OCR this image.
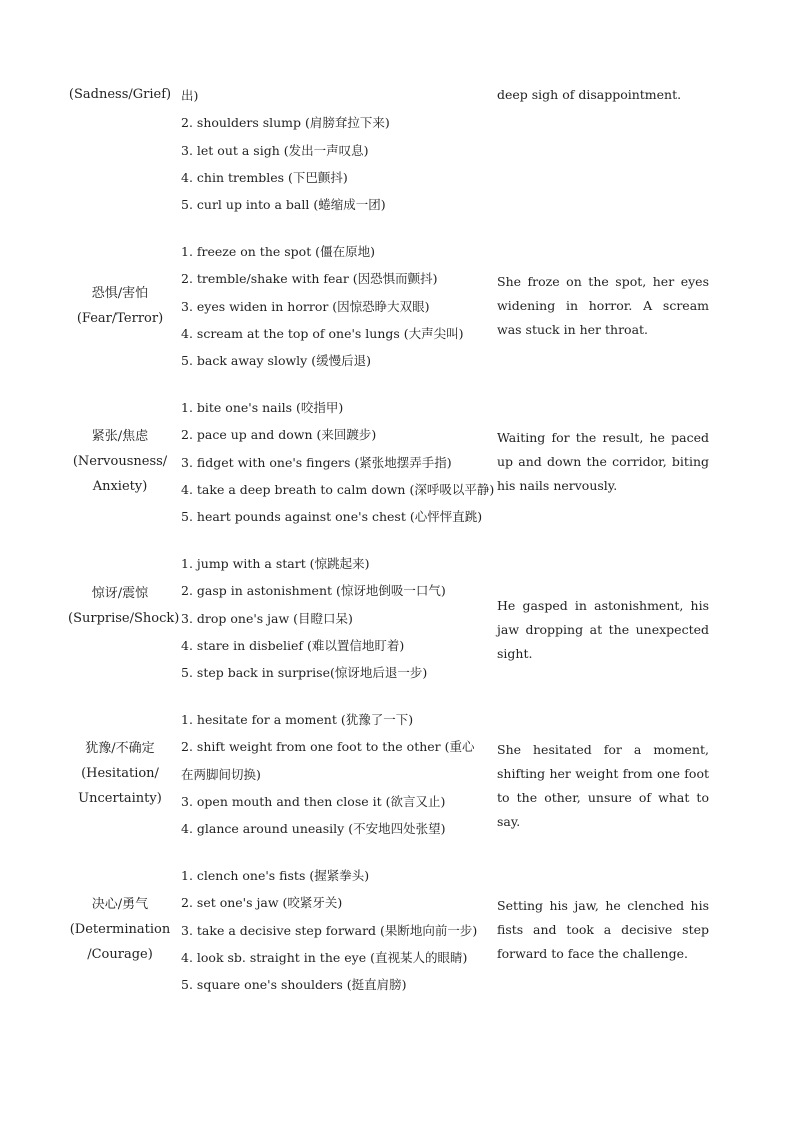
(Sadness/Grief) 出)
2. shoulders slump (肩膀耷拉下来)
3. let out a sigh (发出一声叹息)
4. chin trembles (下巴颤抖)
5. curl up into a ball (蜷缩成一团)
deep sigh of disappointment.
恐惧/害怕 (Fear/Terror)
1. freeze on the spot (僵在原地)
2. tremble/shake with fear (因恐惧而颤抖)
3. eyes widen in horror (因惊恐睁大双眼)
4. scream at the top of one's lungs (大声尖叫)
5. back away slowly (缓慢后退)
She froze on the spot, her eyes widening in horror. A scream was stuck in her throat.
紧张/焦虑 (Nervousness/ Anxiety)
1. bite one's nails (咬指甲)
2. pace up and down (来回踱步)
3. fidget with one's fingers (紧张地摆弄手指)
4. take a deep breath to calm down (深呼吸以平静)
5. heart pounds against one's chest (心怦怦直跳)
Waiting for the result, he paced up and down the corridor, biting his nails nervously.
惊讶/震惊 (Surprise/Shock)
1. jump with a start (惊跳起来)
2. gasp in astonishment (惊讶地倒吸一口气)
3. drop one's jaw (目瞪口呆)
4. stare in disbelief (难以置信地盯着)
5. step back in surprise(惊讶地后退一步)
He gasped in astonishment, his jaw dropping at the unexpected sight.
犹豫/不确定 (Hesitation/ Uncertainty)
1. hesitate for a moment (犹豫了一下)
2. shift weight from one foot to the other (重心在两脚间切换)
3. open mouth and then close it (欲言又止)
4. glance around uneasily (不安地四处张望)
She hesitated for a moment, shifting her weight from one foot to the other, unsure of what to say.
决心/勇气 (Determination /Courage)
1. clench one's fists (握紧拳头)
2. set one's jaw (咬紧牙关)
3. take a decisive step forward (果断地向前一步)
4. look sb. straight in the eye (直视某人的眼睛)
5. square one's shoulders (挺直肩膀)
Setting his jaw, he clenched his fists and took a decisive step forward to face the challenge.
